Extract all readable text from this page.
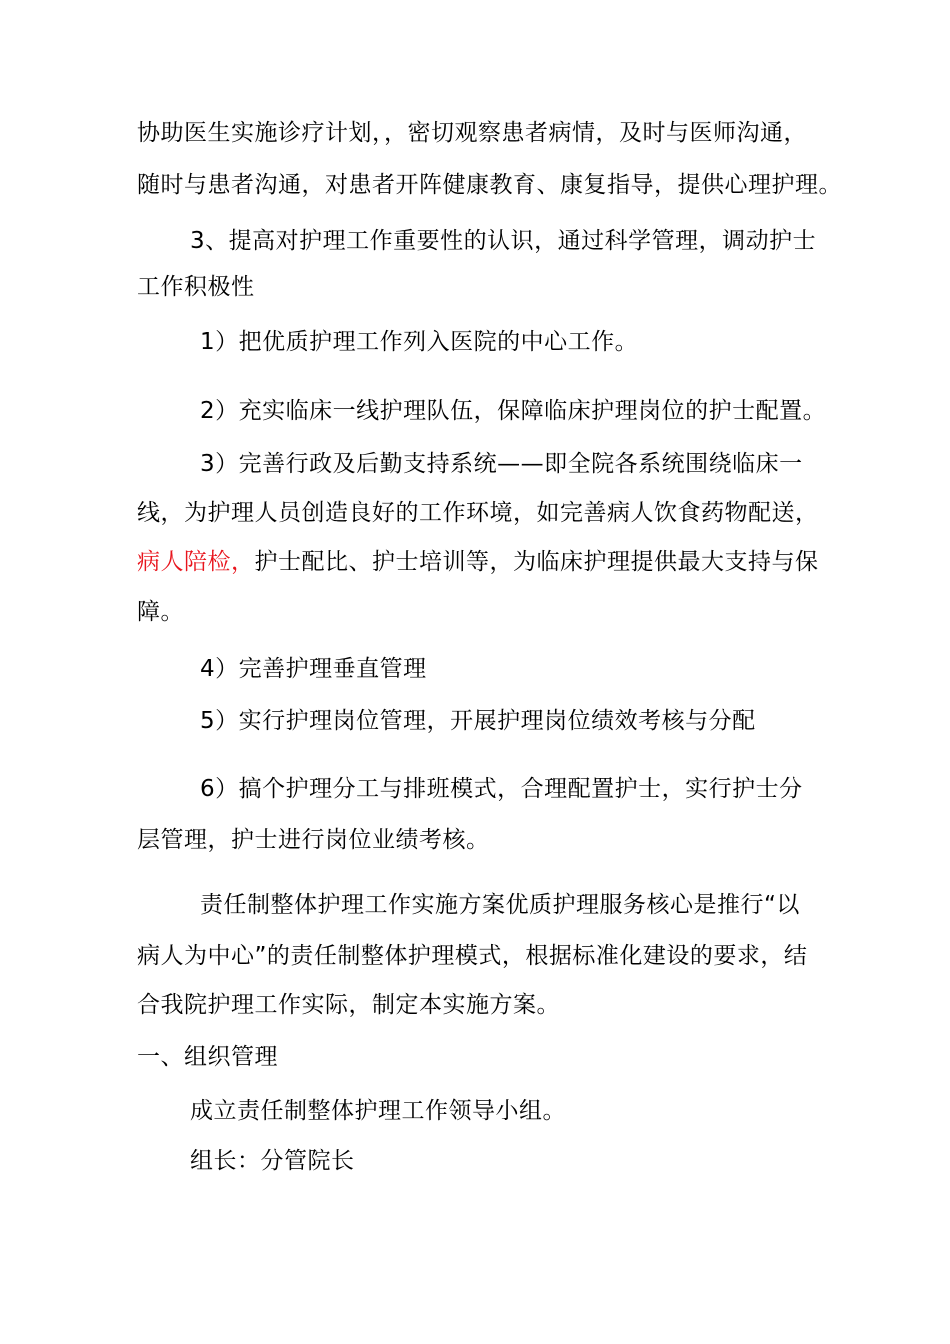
协助医生实施诊疗计划，，密切观察患者病情，及时与医师沟通，
随时与患者沟通，对患者开阵健康教育、康复指导，提供心理护理。
3、提高对护理工作重要性的认识，通过科学管理，调动护士
工作积极性
1）把优质护理工作列入医院的中心工作。
2）充实临床一线护理队伍，保障临床护理岗位的护士配置。
3）完善行政及后勤支持系统——即全院各系统围绕临床一
线，为护理人员创造良好的工作环境，如完善病人饮食药物配送，
病人陪检，护士配比、护士培训等，为临床护理提供最大支持与保
障。
4）完善护理垂直管理
5）实行护理岗位管理，开展护理岗位绩效考核与分配
6）搞个护理分工与排班模式，合理配置护士，实行护士分
层管理，护士进行岗位业绩考核。
责任制整体护理工作实施方案优质护理服务核心是推行“以
病人为中心”的责任制整体护理模式，根据标准化建设的要求，结
合我院护理工作实际，制定本实施方案。
一、组织管理
成立责任制整体护理工作领导小组。
组长：分管院长
